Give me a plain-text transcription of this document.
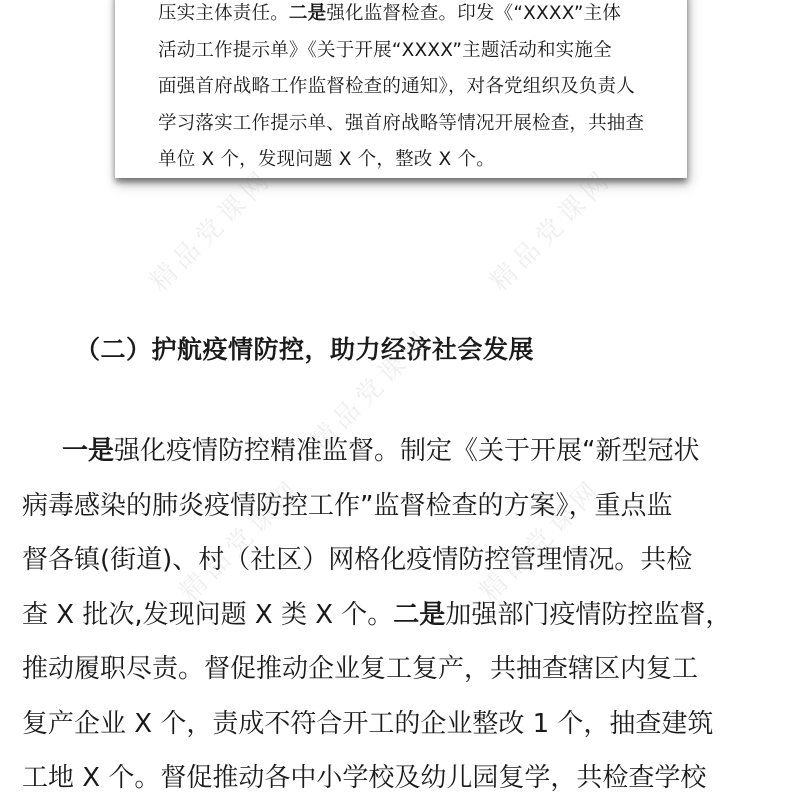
压实主体责任。二是强化监督检查。印发《“XXXX”主体

活动工作提示单》《关于开展“XXXX”主题活动和实施全

面强首府战略工作监督检查的通知》，对各党组织及负责人

学习落实工作提示单、强首府战略等情况开展检查，共抽查

单位 X 个，发现问题 X 个，整改 X 个。

（二）护航疫情防控，助力经济社会发展

一是强化疫情防控精准监督。制定《关于开展“新型冠状

病毒感染的肺炎疫情防控工作”监督检查的方案》，重点监

督各镇(街道)、村（社区）网格化疫情防控管理情况。共检

查 X 批次,发现问题 X 类 X 个。二是加强部门疫情防控监督，

推动履职尽责。督促推动企业复工复产，共抽查辖区内复工

复产企业 X 个，责成不符合开工的企业整改 1 个，抽查建筑

工地 X 个。督促推动各中小学校及幼儿园复学，共检查学校

精品党课网	精品党课网
精品党课网
精品党课网	精品党课网
